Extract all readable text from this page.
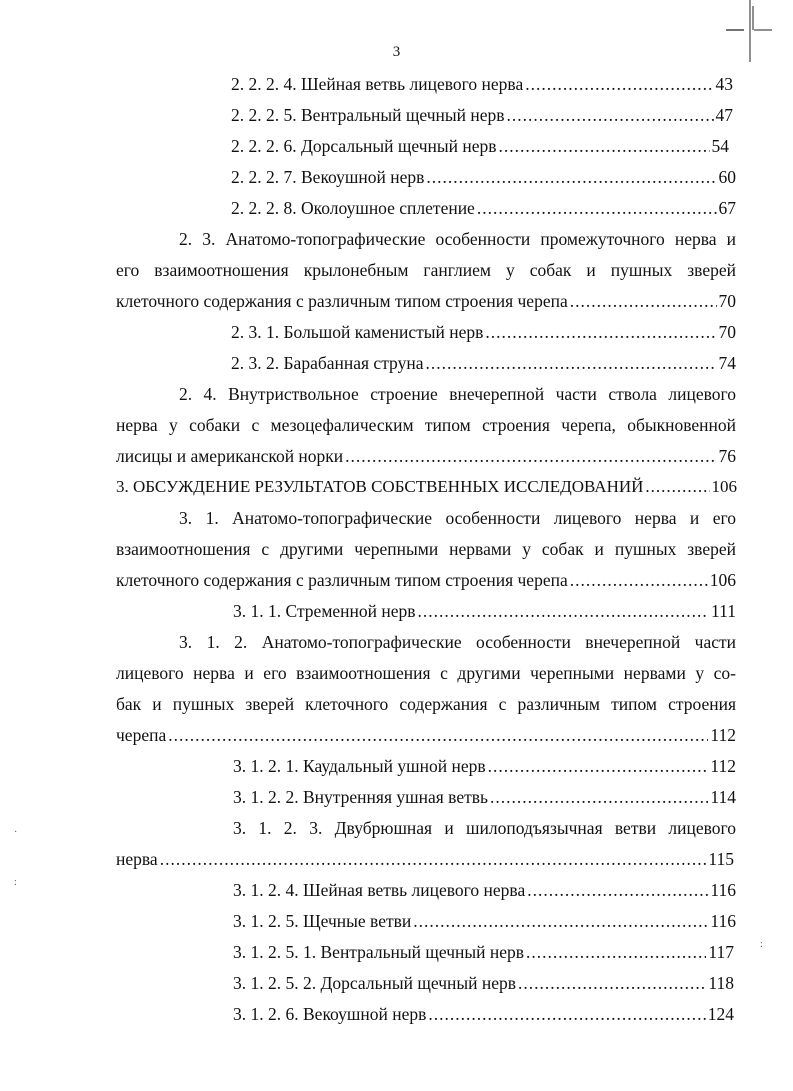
3
·
:
:
2. 2. 2. 4. Шейная ветвь лицевого нерва .....	43
2. 2. 2. 5. Вентральный щечный нерв .....	47
2. 2. 2. 6. Дорсальный щечный нерв .....	54
2. 2. 2. 7. Векоушной нерв .....	60
2. 2. 2. 8. Околоушное сплетение .....	67
2. 3. Анатомо-топографические особенности промежуточного нерва и
его взаимоотношения крылонебным ганглием у собак и пушных зверей
клеточного содержания с различным типом строения черепа .....	70
2. 3. 1. Большой каменистый нерв .....	70
2. 3. 2. Барабанная струна .....	74
2. 4. Внутриствольное строение внечерепной части ствола лицевого
нерва у собаки с мезоцефалическим типом строения черепа, обыкновенной
лисицы и американской норки .....	76
3. ОБСУЖДЕНИЕ РЕЗУЛЬТАТОВ СОБСТВЕННЫХ ИССЛЕДОВАНИЙ .....	106
3. 1. Анатомо-топографические особенности лицевого нерва и его
взаимоотношения с другими черепными нервами у собак и пушных зверей
клеточного содержания с различным типом строения черепа .....	106
3. 1. 1. Стременной нерв .....	111
3. 1. 2. Анатомо-топографические особенности внечерепной части
лицевого нерва и его взаимоотношения с другими черепными нервами у со-
бак и пушных зверей клеточного содержания с различным типом строения
черепа .....	112
3. 1. 2. 1. Каудальный ушной нерв .....	112
3. 1. 2. 2. Внутренняя ушная ветвь .....	114
3. 1. 2. 3. Двубрюшная и шилоподъязычная ветви лицевого
нерва .....	115
3. 1. 2. 4. Шейная ветвь лицевого нерва .....	116
3. 1. 2. 5. Щечные ветви .....	116
3. 1. 2. 5. 1. Вентральный щечный нерв .....	117
3. 1. 2. 5. 2. Дорсальный щечный нерв .....	118
3. 1. 2. 6. Векоушной нерв .....	124
